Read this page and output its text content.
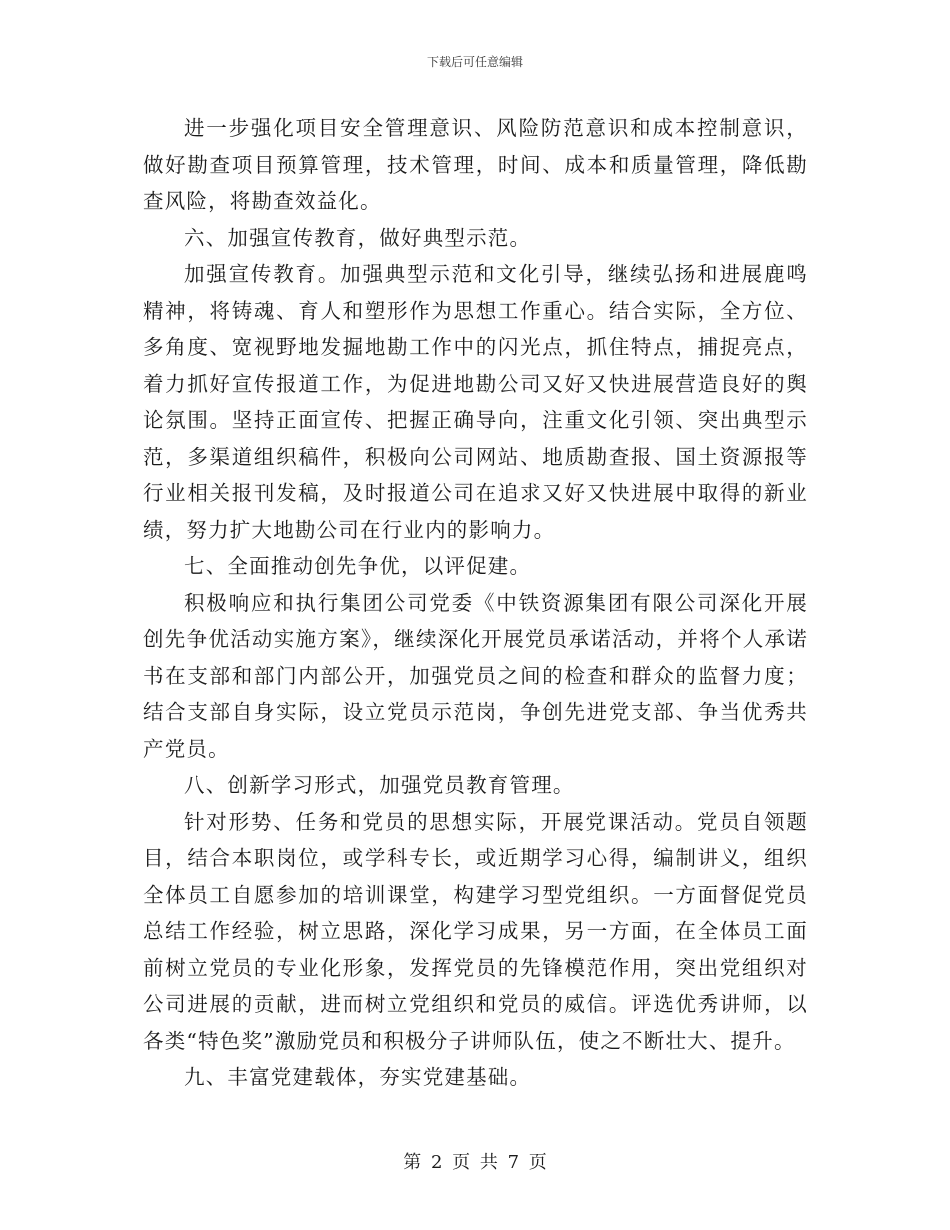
下载后可任意编辑

进一步强化项目安全管理意识、风险防范意识和成本控制意识，做好勘查项目预算管理，技术管理，时间、成本和质量管理，降低勘查风险，将勘查效益化。

六、加强宣传教育，做好典型示范。

加强宣传教育。加强典型示范和文化引导，继续弘扬和进展鹿鸣精神，将铸魂、育人和塑形作为思想工作重心。结合实际，全方位、多角度、宽视野地发掘地勘工作中的闪光点，抓住特点，捕捉亮点，着力抓好宣传报道工作，为促进地勘公司又好又快进展营造良好的舆论氛围。坚持正面宣传、把握正确导向，注重文化引领、突出典型示范，多渠道组织稿件，积极向公司网站、地质勘查报、国土资源报等行业相关报刊发稿，及时报道公司在追求又好又快进展中取得的新业绩，努力扩大地勘公司在行业内的影响力。

七、全面推动创先争优，以评促建。

积极响应和执行集团公司党委《中铁资源集团有限公司深化开展创先争优活动实施方案》，继续深化开展党员承诺活动，并将个人承诺书在支部和部门内部公开，加强党员之间的检查和群众的监督力度；结合支部自身实际，设立党员示范岗，争创先进党支部、争当优秀共产党员。

八、创新学习形式，加强党员教育管理。

针对形势、任务和党员的思想实际，开展党课活动。党员自领题目，结合本职岗位，或学科专长，或近期学习心得，编制讲义，组织全体员工自愿参加的培训课堂，构建学习型党组织。一方面督促党员总结工作经验，树立思路，深化学习成果，另一方面，在全体员工面前树立党员的专业化形象，发挥党员的先锋模范作用，突出党组织对公司进展的贡献，进而树立党组织和党员的威信。评选优秀讲师，以各类“特色奖”激励党员和积极分子讲师队伍，使之不断壮大、提升。

九、丰富党建载体，夯实党建基础。

第 2 页 共 7 页
